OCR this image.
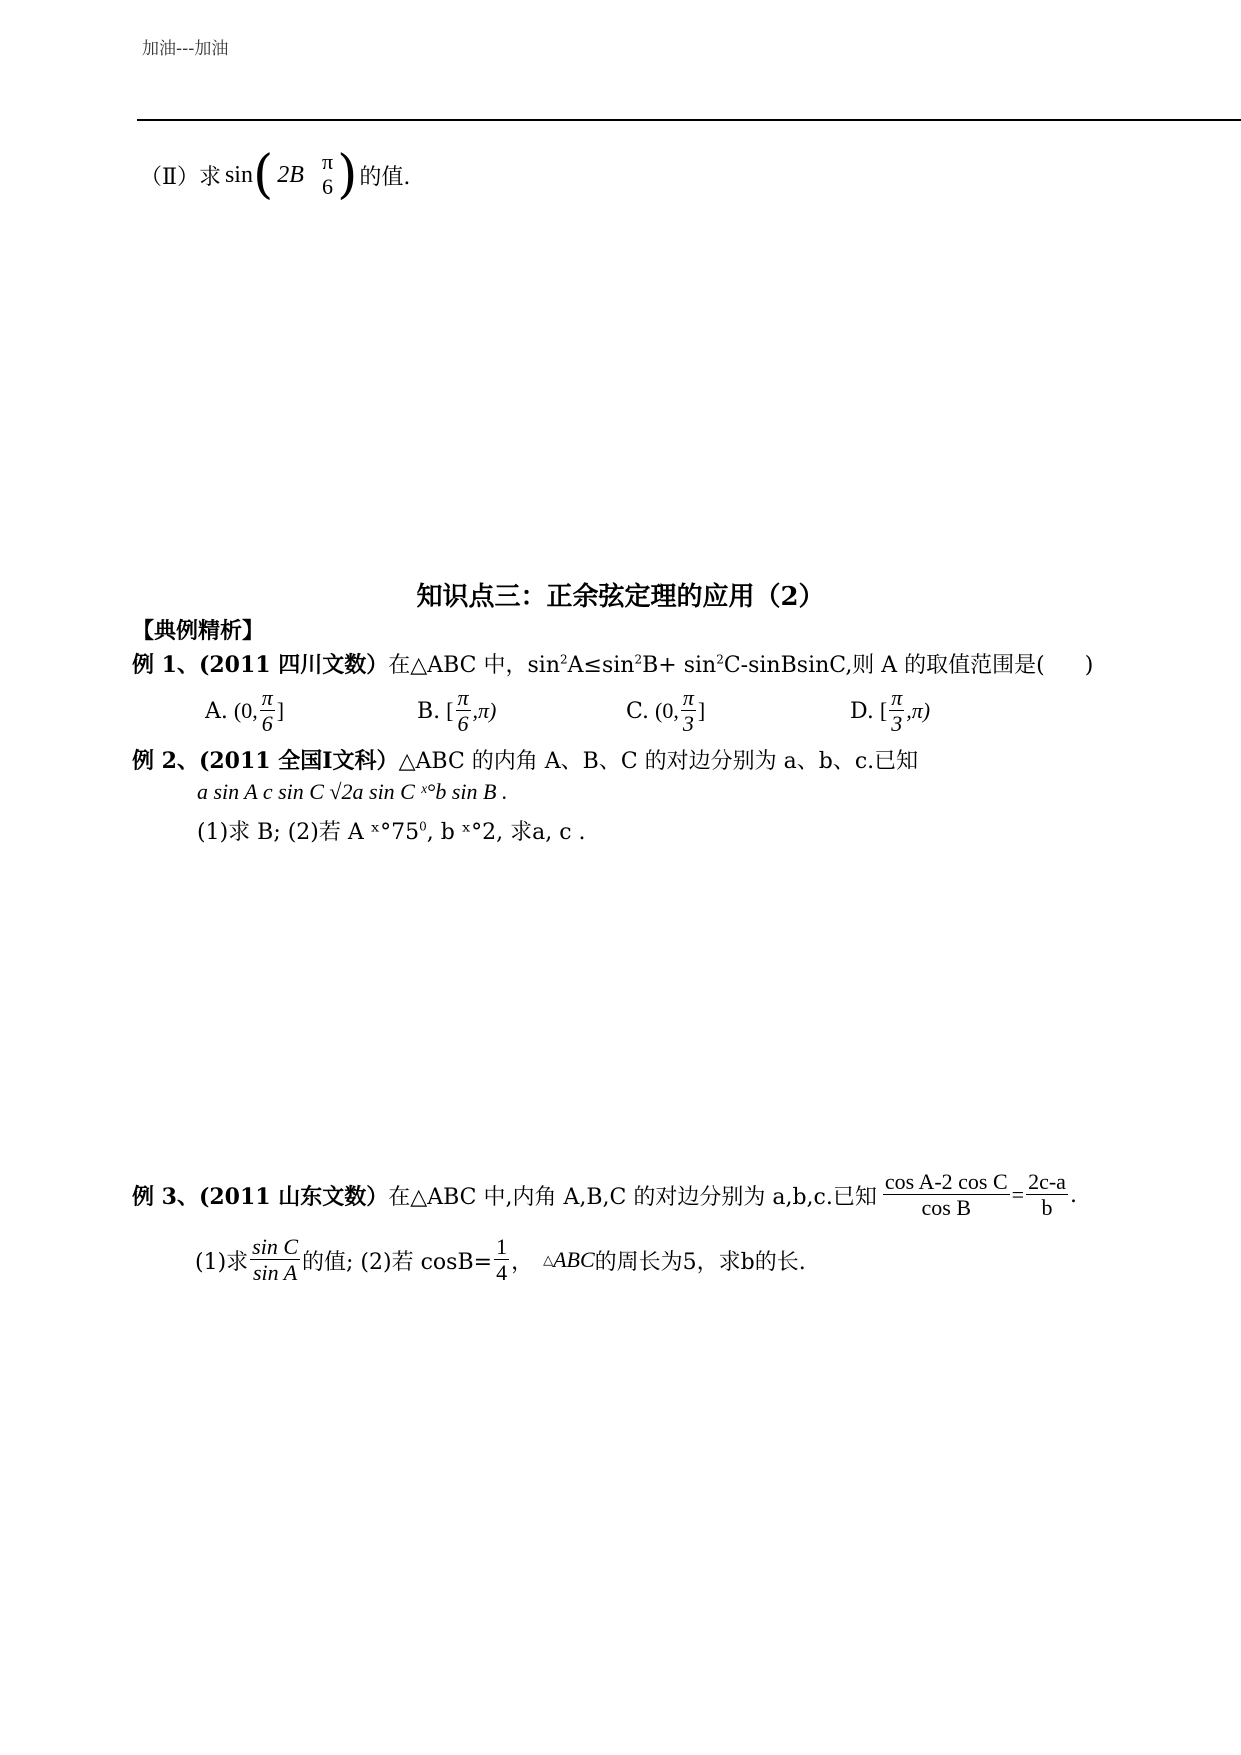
加油---加油
（Ⅱ）求 sin ( 2B π
6 ) 的值.
知识点三：正余弦定理的应用（2）
【典例精析】
例 1、(2011 四川文数）在△ABC 中，$\sin^2A\le\sin^2B+$ $\sin^2C$-sinBsinC,则 A 的取值范围是( )
A. (0, $\frac{\pi}{6}$ ]	B. [ $\frac{\pi}{6} ,\pi$)	C. (0, $\frac{\pi}{3}$ ]	D. [ $\frac{\pi}{3} ,\pi$)
例 2、(2011 全国Ⅰ文科）△ABC 的内角 A、B、C 的对边分别为 a、b、c.已知
a sin A c sin C √2a sin C ˣ°b sin B .
(1)求 B; (2)若 A $ˣ^\circ 75^0$, b ˣ°2, 求a, c .
例 3、(2011 山东文数） 在△ABC 中,内角 A,B,C 的对边分别为 a,b,c.已知 $\frac{\text{cos A-2 cos C}}{\text{cos B}} = \frac{2c-a}{b}$ .
(1)求 $\frac{\text{sin C}}{\text{sin A}}$ 的值; (2)若 $\cos B= \frac{1}{4}$ ， △ ABC 的周长为5，求b的长.
